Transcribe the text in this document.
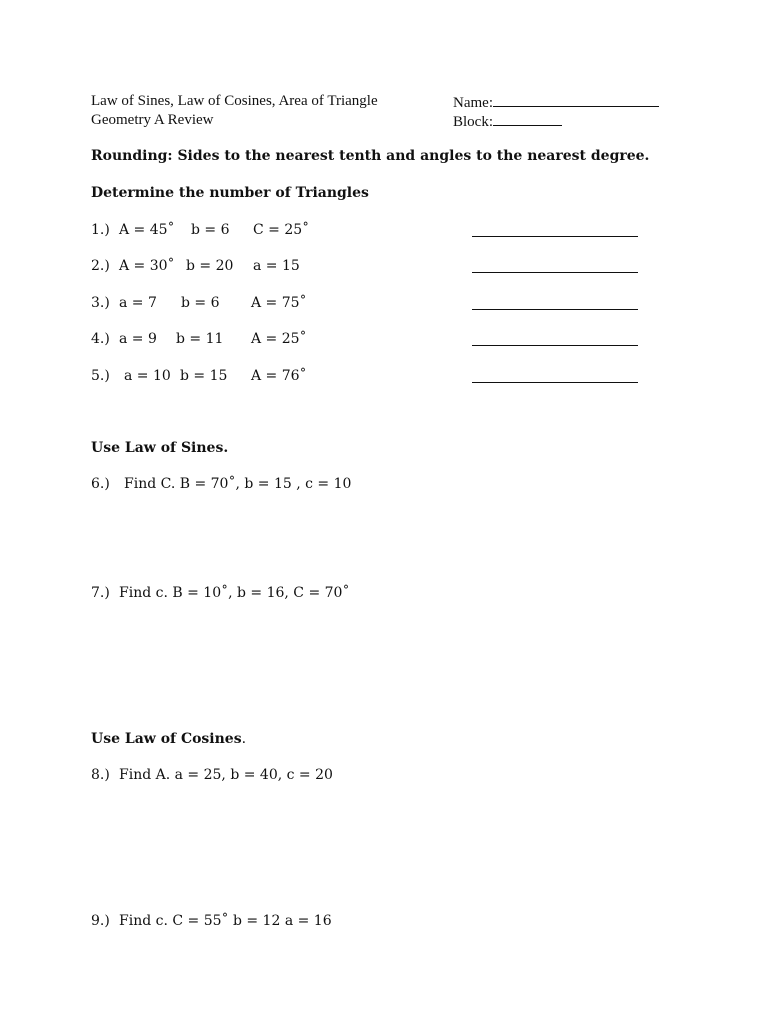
Law of Sines, Law of Cosines, Area of Triangle
Geometry A Review
Name:
Block:
Rounding: Sides to the nearest tenth and angles to the nearest degree.
Determine the number of Triangles
1.) A = 45˚ b = 6 C = 25˚
2.) A = 30˚ b = 20 a = 15
3.) a = 7 b = 6 A = 75˚
4.) a = 9 b = 11 A = 25˚
5.) a = 10 b = 15 A = 76˚
Use Law of Sines.
6.) Find C. B = 70˚, b = 15 , c = 10
7.) Find c. B = 10˚, b = 16, C = 70˚
Use Law of Cosines.
8.) Find A. a = 25, b = 40, c = 20
9.) Find c. C = 55˚ b = 12 a = 16
